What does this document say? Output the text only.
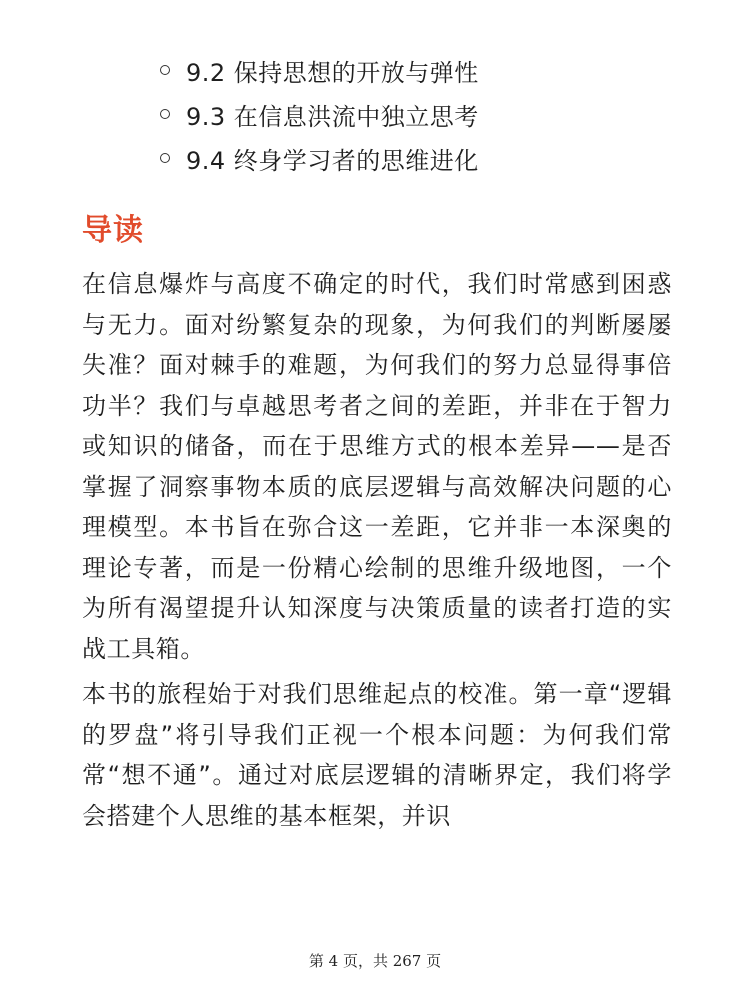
9.2 保持思想的开放与弹性
9.3 在信息洪流中独立思考
9.4 终身学习者的思维进化
导读

在信息爆炸与高度不确定的时代，我们时常感到困惑与无力。面对纷繁复杂的现象，为何我们的判断屡屡失准？面对棘手的难题，为何我们的努力总显得事倍功半？我们与卓越思考者之间的差距，并非在于智力或知识的储备，而在于思维方式的根本差异——是否掌握了洞察事物本质的底层逻辑与高效解决问题的心理模型。本书旨在弥合这一差距，它并非一本深奥的理论专著，而是一份精心绘制的思维升级地图，一个为所有渴望提升认知深度与决策质量的读者打造的实战工具箱。

本书的旅程始于对我们思维起点的校准。第一章“逻辑的罗盘”将引导我们正视一个根本问题：为何我们常常“想不通”。通过对底层逻辑的清晰界定，我们将学会搭建个人思维的基本框架，并识

第 4 页，共 267 页
